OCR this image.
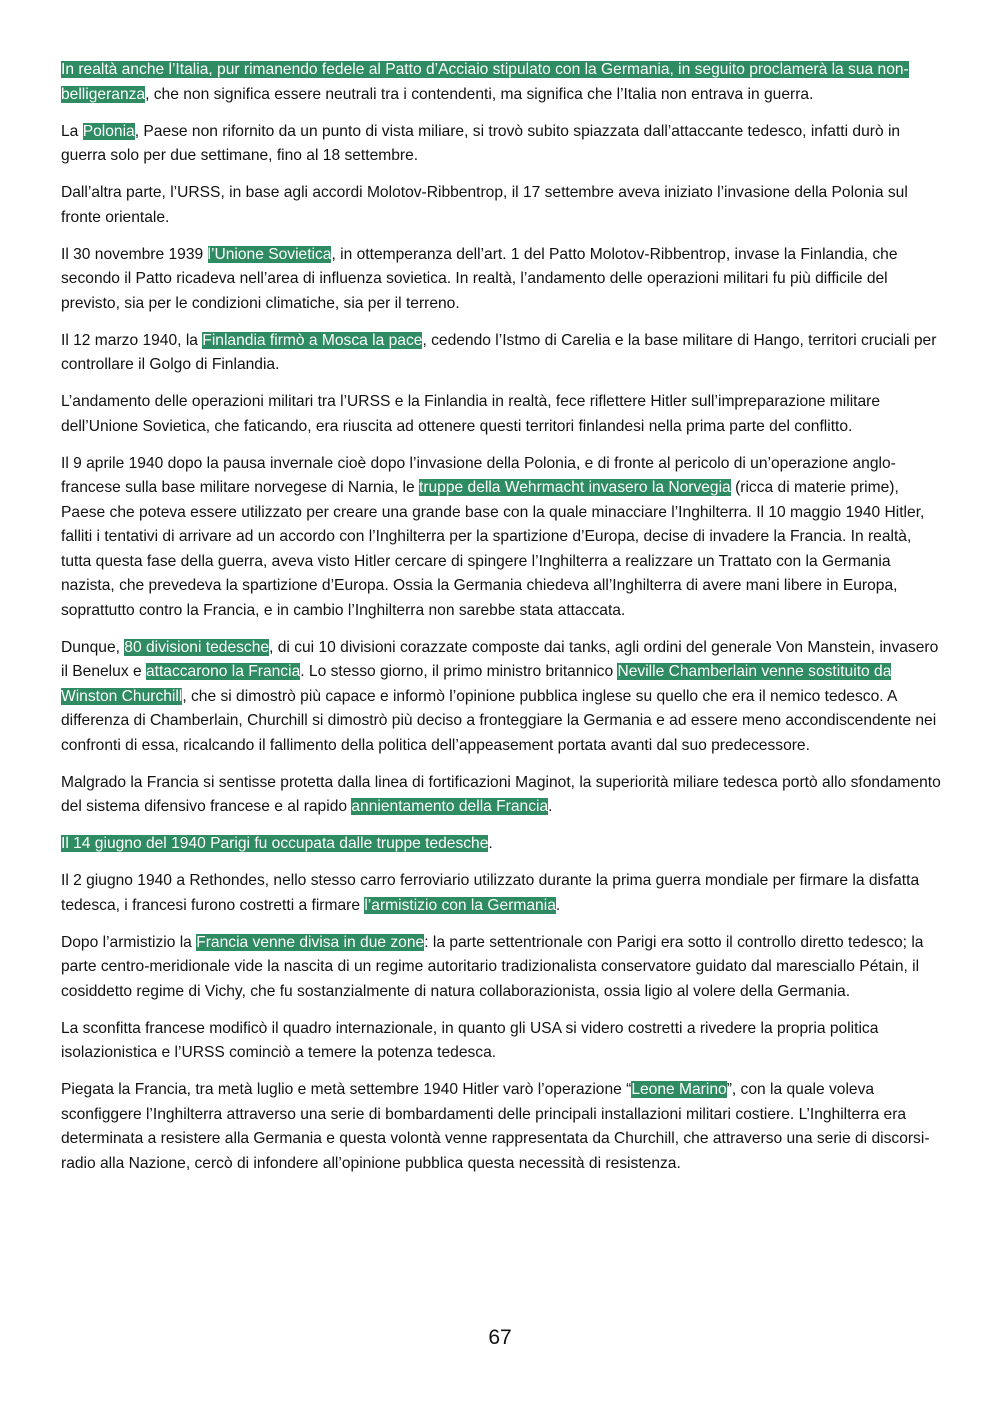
In realtà anche l’Italia, pur rimanendo fedele al Patto d’Acciaio stipulato con la Germania, in seguito proclamerà la sua non-belligeranza, che non significa essere neutrali tra i contendenti, ma significa che l’Italia non entrava in guerra.

La Polonia, Paese non rifornito da un punto di vista miliare, si trovò subito spiazzata dall’attaccante tedesco, infatti durò in guerra solo per due settimane, fino al 18 settembre.

Dall’altra parte, l’URSS, in base agli accordi Molotov-Ribbentrop, il 17 settembre aveva iniziato l’invasione della Polonia sul fronte orientale.

Il 30 novembre 1939 l’Unione Sovietica, in ottemperanza dell’art. 1 del Patto Molotov-Ribbentrop, invase la Finlandia, che secondo il Patto ricadeva nell’area di influenza sovietica. In realtà, l’andamento delle operazioni militari fu più difficile del previsto, sia per le condizioni climatiche, sia per il terreno.

Il 12 marzo 1940, la Finlandia firmò a Mosca la pace, cedendo l’Istmo di Carelia e la base militare di Hango, territori cruciali per controllare il Golgo di Finlandia.

L’andamento delle operazioni militari tra l’URSS e la Finlandia in realtà, fece riflettere Hitler sull’impreparazione militare dell’Unione Sovietica, che faticando, era riuscita ad ottenere questi territori finlandesi nella prima parte del conflitto.

Il 9 aprile 1940 dopo la pausa invernale cioè dopo l’invasione della Polonia, e di fronte al pericolo di un’operazione anglo-francese sulla base militare norvegese di Narnia, le truppe della Wehrmacht invasero la Norvegia (ricca di materie prime), Paese che poteva essere utilizzato per creare una grande base con la quale minacciare l’Inghilterra. Il 10 maggio 1940 Hitler, falliti i tentativi di arrivare ad un accordo con l’Inghilterra per la spartizione d’Europa, decise di invadere la Francia. In realtà, tutta questa fase della guerra, aveva visto Hitler cercare di spingere l’Inghilterra a realizzare un Trattato con la Germania nazista, che prevedeva la spartizione d’Europa. Ossia la Germania chiedeva all’Inghilterra di avere mani libere in Europa, soprattutto contro la Francia, e in cambio l’Inghilterra non sarebbe stata attaccata.

Dunque, 80 divisioni tedesche, di cui 10 divisioni corazzate composte dai tanks, agli ordini del generale Von Manstein, invasero il Benelux e attaccarono la Francia. Lo stesso giorno, il primo ministro britannico Neville Chamberlain venne sostituito da Winston Churchill, che si dimostrò più capace e informò l’opinione pubblica inglese su quello che era il nemico tedesco. A differenza di Chamberlain, Churchill si dimostrò più deciso a fronteggiare la Germania e ad essere meno accondiscendente nei confronti di essa, ricalcando il fallimento della politica dell’appeasement portata avanti dal suo predecessore.

Malgrado la Francia si sentisse protetta dalla linea di fortificazioni Maginot, la superiorità miliare tedesca portò allo sfondamento del sistema difensivo francese e al rapido annientamento della Francia.

Il 14 giugno del 1940 Parigi fu occupata dalle truppe tedesche.

Il 2 giugno 1940 a Rethondes, nello stesso carro ferroviario utilizzato durante la prima guerra mondiale per firmare la disfatta tedesca, i francesi furono costretti a firmare l’armistizio con la Germania.

Dopo l’armistizio la Francia venne divisa in due zone: la parte settentrionale con Parigi era sotto il controllo diretto tedesco; la parte centro-meridionale vide la nascita di un regime autoritario tradizionalista conservatore guidato dal maresciallo Pétain, il cosiddetto regime di Vichy, che fu sostanzialmente di natura collaborazionista, ossia ligio al volere della Germania.

La sconfitta francese modificò il quadro internazionale, in quanto gli USA si videro costretti a rivedere la propria politica isolazionistica e l’URSS cominciò a temere la potenza tedesca.

Piegata la Francia, tra metà luglio e metà settembre 1940 Hitler varò l’operazione “Leone Marino”, con la quale voleva sconfiggere l’Inghilterra attraverso una serie di bombardamenti delle principali installazioni militari costiere. L’Inghilterra era determinata a resistere alla Germania e questa volontà venne rappresentata da Churchill, che attraverso una serie di discorsi-radio alla Nazione, cercò di infondere all’opinione pubblica questa necessità di resistenza.

67
